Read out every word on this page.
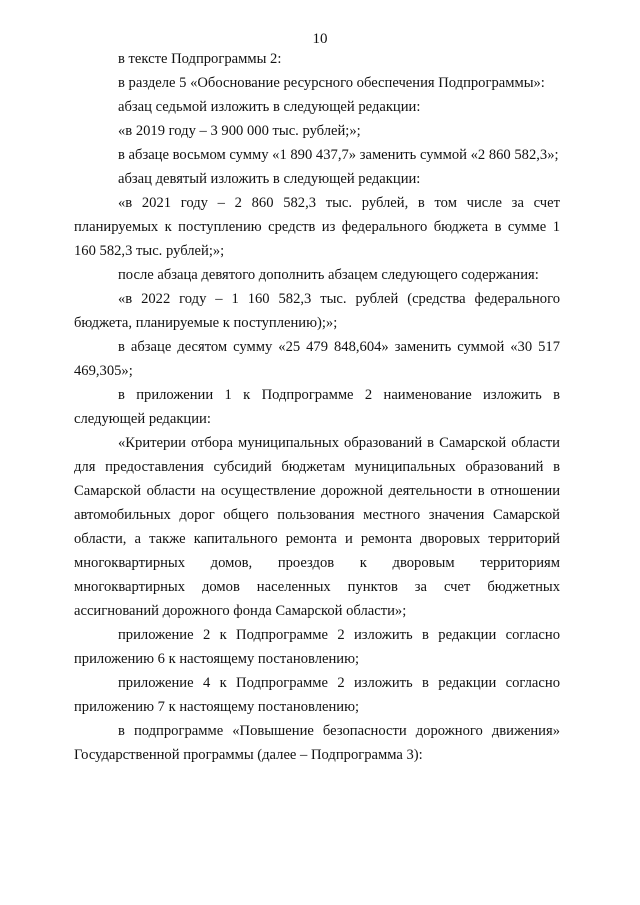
10

в тексте Подпрограммы 2:

в разделе 5 «Обоснование ресурсного обеспечения Подпрограммы»:

абзац седьмой изложить в следующей редакции:

«в 2019 году – 3 900 000 тыс. рублей;»;

в абзаце восьмом сумму «1 890 437,7» заменить суммой «2 860 582,3»;

абзац девятый изложить в следующей редакции:

«в 2021 году – 2 860 582,3 тыс. рублей, в том числе за счет планируемых к поступлению средств из федерального бюджета в сумме 1 160 582,3 тыс. рублей;»;

после абзаца девятого дополнить абзацем следующего содержания:

«в 2022 году – 1 160 582,3 тыс. рублей (средства федерального бюджета, планируемые к поступлению);»;

в абзаце десятом сумму «25 479 848,604» заменить суммой «30 517 469,305»;

в приложении 1 к Подпрограмме 2 наименование изложить в следующей редакции:

«Критерии отбора муниципальных образований в Самарской области для предоставления субсидий бюджетам муниципальных образований в Самарской области на осуществление дорожной деятельности в отношении автомобильных дорог общего пользования местного значения Самарской области, а также капитального ремонта и ремонта дворовых территорий многоквартирных домов, проездов к дворовым территориям многоквартирных домов населенных пунктов за счет бюджетных ассигнований дорожного фонда Самарской области»;

приложение 2 к Подпрограмме 2 изложить в редакции согласно приложению 6 к настоящему постановлению;

приложение 4 к Подпрограмме 2 изложить в редакции согласно приложению 7 к настоящему постановлению;

в подпрограмме «Повышение безопасности дорожного движения» Государственной программы (далее – Подпрограмма 3):
